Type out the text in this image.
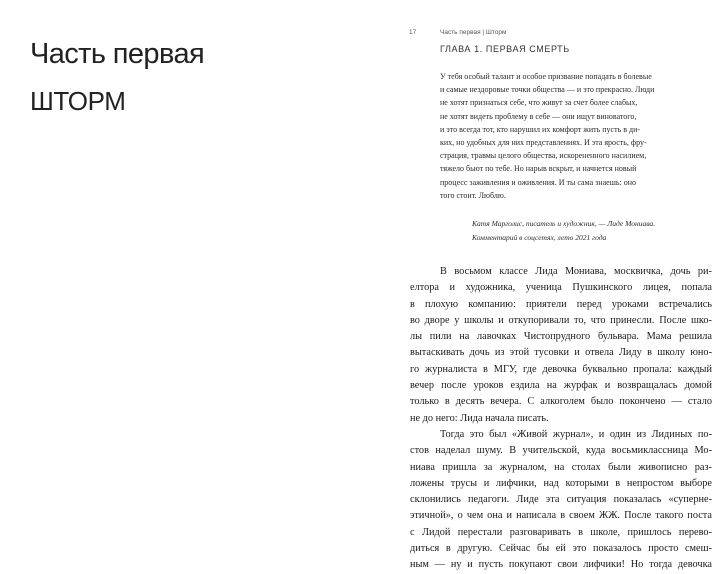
Часть первая
ШТОРМ
17	Часть первая | Шторм
ГЛАВА 1. ПЕРВАЯ СМЕРТЬ
У тебя особый талант и особое призвание попадать в болевые
и самые нездоровые точки общества — и это прекрасно. Люди
не хотят признаться себе, что живут за счет более слабых,
не хотят видеть проблему в себе — они ищут виноватого,
и это всегда тот, кто нарушил их комфорт жить пусть в ди-
ких, но удобных для них представлениях. И эта ярость, фру-
страция, травмы целого общества, искорененного насилием,
тяжело бьют по тебе. Но нарыв вскрыт, и начнется новый
процесс заживления и оживления. И ты сама знаешь: оно
того стоит. Люблю.
Катя Марголис, писатель и художник, — Лиде Мониава.
Комментарий в соцсетях, лето 2021 года
В восьмом классе Лида Мониава, москвичка, дочь ри-
елтора и художника, ученица Пушкинского лицея, попала
в плохую компанию: приятели перед уроками встречались
во дворе у школы и откупоривали то, что принесли. После шко-
лы пили на лавочках Чистопрудного бульвара. Мама решила
вытаскивать дочь из этой тусовки и отвела Лиду в школу юно-
го журналиста в МГУ, где девочка буквально пропала: каждый
вечер после уроков ездила на журфак и возвращалась домой
только в десять вечера. С алкоголем было покончено — стало
не до него: Лида начала писать.
Тогда это был «Живой журнал», и один из Лидиных по-
стов наделал шуму. В учительской, куда восьмиклассница Мо-
ниава пришла за журналом, на столах были живописно раз-
ложены трусы и лифчики, над которыми в непростом выборе
склонились педагоги. Лиде эта ситуация показалась «суперне-
этичной», о чем она и написала в своем ЖЖ. После такого поста
с Лидой перестали разговаривать в школе, пришлось перево-
диться в другую. Сейчас бы ей это показалось просто смеш-
ным — ну и пусть покупают свои лифчики! Но тогда девочка
